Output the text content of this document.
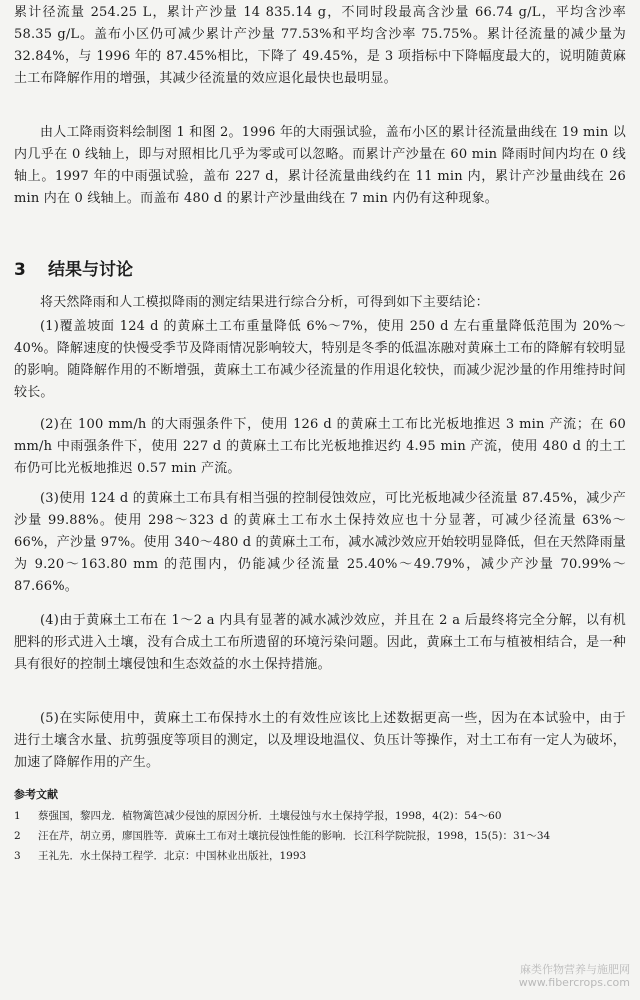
累计径流量 254.25 L，累计产沙量 14 835.14 g，不同时段最高含沙量 66.74 g/L，平均含沙率 58.35 g/L。盖布小区仍可减少累计产沙量 77.53%和平均含沙率 75.75%。累计径流量的减少量为32.84%，与 1996 年的 87.45%相比，下降了 49.45%，是 3 项指标中下降幅度最大的，说明随黄麻土工布降解作用的增强，其减少径流量的效应退化最快也最明显。

由人工降雨资料绘制图 1 和图 2。1996 年的大雨强试验，盖布小区的累计径流量曲线在 19 min 以内几乎在 0 线轴上，即与对照相比几乎为零或可以忽略。而累计产沙量在 60 min 降雨时间内均在 0 线轴上。1997 年的中雨强试验，盖布 227 d，累计径流量曲线约在 11 min 内，累计产沙量曲线在 26 min 内在 0 线轴上。而盖布 480 d 的累计产沙量曲线在 7 min 内仍有这种现象。

3 结果与讨论

将天然降雨和人工模拟降雨的测定结果进行综合分析，可得到如下主要结论：

(1)覆盖坡面 124 d 的黄麻土工布重量降低 6%～7%，使用 250 d 左右重量降低范围为 20%～40%。降解速度的快慢受季节及降雨情况影响较大，特别是冬季的低温冻融对黄麻土工布的降解有较明显的影响。随降解作用的不断增强，黄麻土工布减少径流量的作用退化较快，而减少泥沙量的作用维持时间较长。

(2)在 100 mm/h 的大雨强条件下，使用 126 d 的黄麻土工布比光板地推迟 3 min 产流；在 60 mm/h 中雨强条件下，使用 227 d 的黄麻土工布比光板地推迟约 4.95 min 产流，使用 480 d 的土工布仍可比光板地推迟 0.57 min 产流。

(3)使用 124 d 的黄麻土工布具有相当强的控制侵蚀效应，可比光板地减少径流量 87.45%，减少产沙量 99.88%。使用 298～323 d 的黄麻土工布水土保持效应也十分显著，可减少径流量 63%～66%，产沙量 97%。使用 340～480 d 的黄麻土工布，减水减沙效应开始较明显降低，但在天然降雨量为 9.20～163.80 mm 的范围内，仍能减少径流量 25.40%～49.79%，减少产沙量 70.99%～87.66%。

(4)由于黄麻土工布在 1～2 a 内具有显著的减水减沙效应，并且在 2 a 后最终将完全分解，以有机肥料的形式进入土壤，没有合成土工布所遗留的环境污染问题。因此，黄麻土工布与植被相结合，是一种具有很好的控制土壤侵蚀和生态效益的水土保持措施。

(5)在实际使用中，黄麻土工布保持水土的有效性应该比上述数据更高一些，因为在本试验中，由于进行土壤含水量、抗剪强度等项目的测定，以及埋设地温仪、负压计等操作，对土工布有一定人为破坏，加速了降解作用的产生。

参考文献
1 蔡强国，黎四龙．植物篱笆减少侵蚀的原因分析．土壤侵蚀与水土保持学报，1998，4(2)：54～60
2 汪在芹，胡立勇，廖国胜等．黄麻土工布对土壤抗侵蚀性能的影响．长江科学院院报，1998，15(5)：31～34
3 王礼先．水土保持工程学．北京：中国林业出版社，1993
麻类作物营养与施肥网
www.fibercrops.com
